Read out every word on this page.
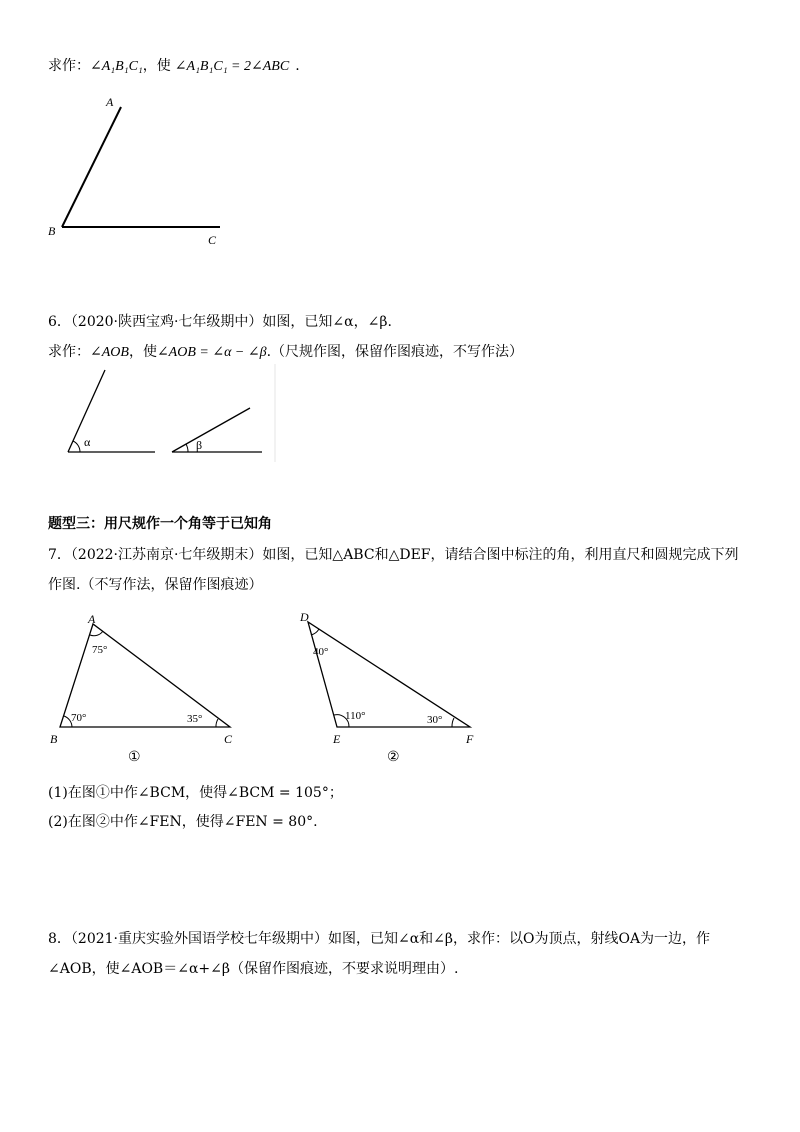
求作：∠A₁B₁C₁，使 ∠A₁B₁C₁ = 2∠ABC .
A
B
C
6．（2020·陕西宝鸡·七年级期中）如图，已知∠α，∠β.
求作：∠AOB，使∠AOB = ∠α − ∠β.（尺规作图，保留作图痕迹，不写作法）
α	β
题型三：用尺规作一个角等于已知角
7．（2022·江苏南京·七年级期末）如图，已知△ABC和△DEF，请结合图中标注的角，利用直尺和圆规完成下列
作图.（不写作法，保留作图痕迹）
A
B	C
75°
70°	35°
①
D
E	F
40°
110°	30°
②
(1)在图①中作∠BCM，使得∠BCM = 105°；
(2)在图②中作∠FEN，使得∠FEN = 80°.
8．（2021·重庆实验外国语学校七年级期中）如图，已知∠α和∠β，求作：以O为顶点，射线OA为一边，作
∠AOB，使∠AOB＝∠α+∠β（保留作图痕迹，不要求说明理由）.
